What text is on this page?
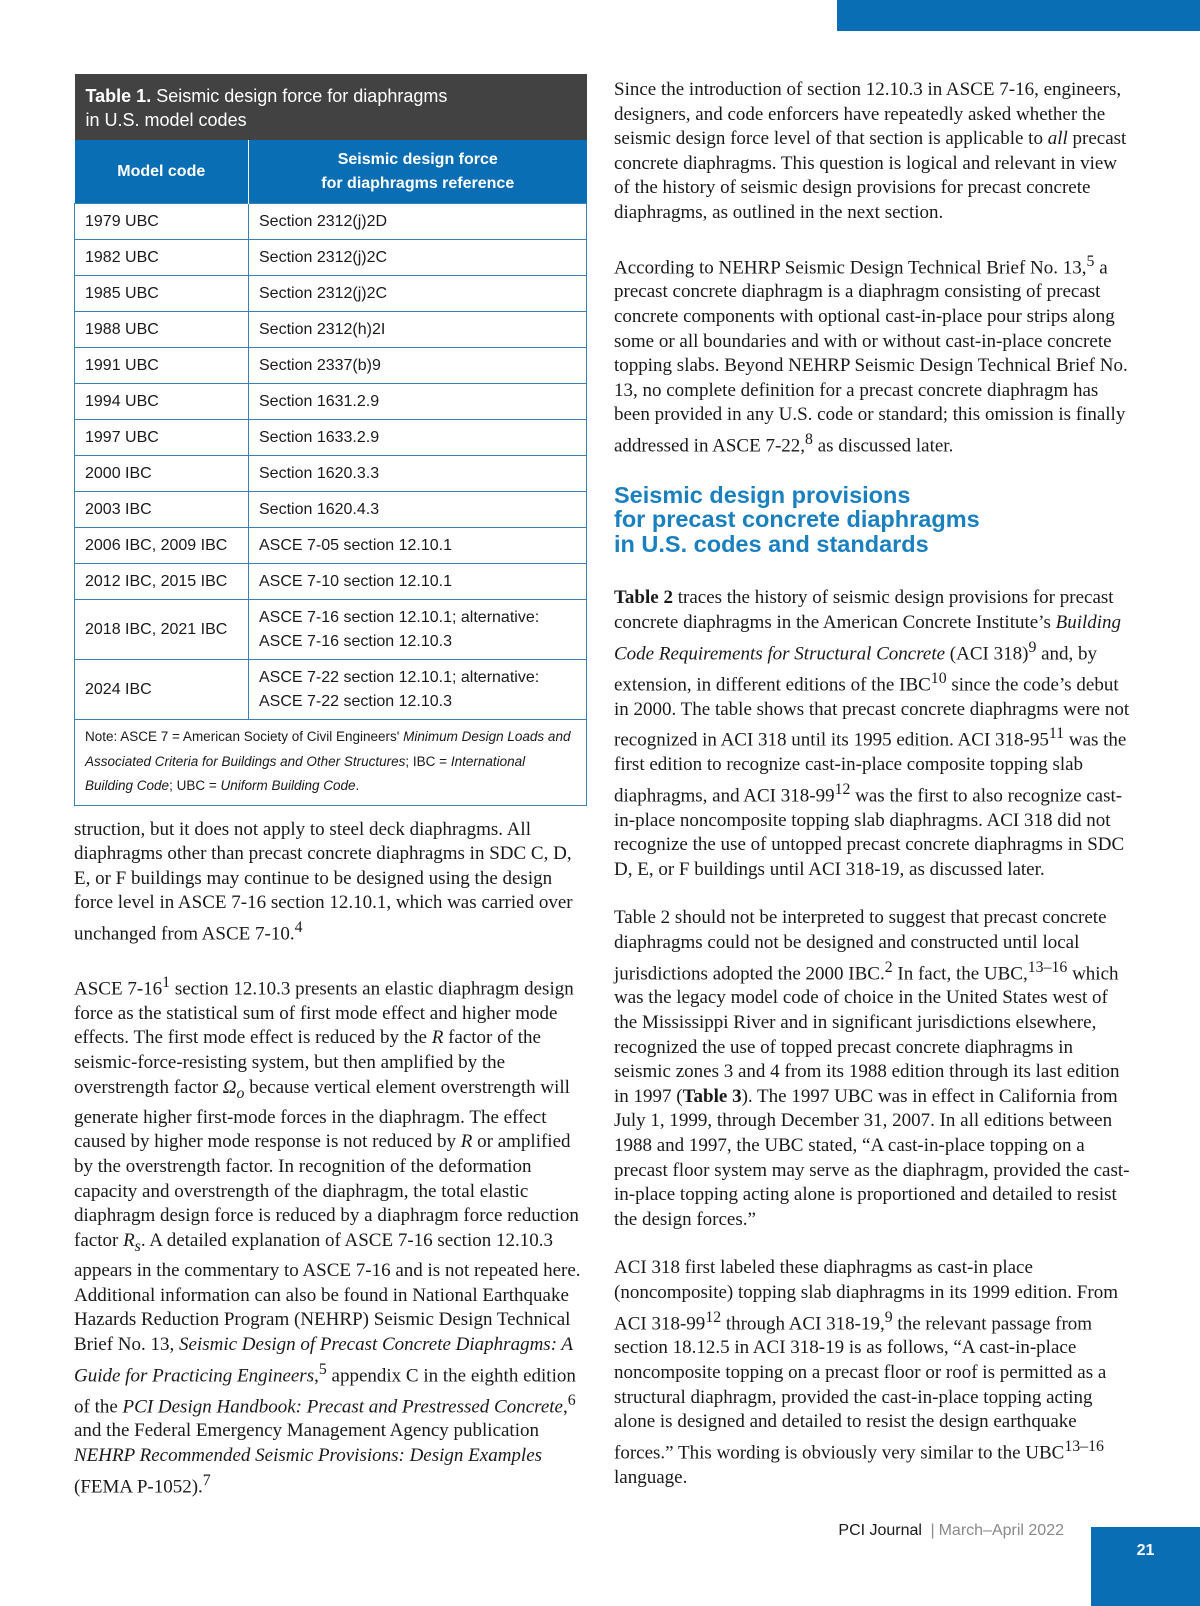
Table 1. Seismic design force for diaphragms
in U.S. model codes	
Model code	Seismic design force
for diaphragms reference
1979 UBC	Section 2312(j)2D
1982 UBC	Section 2312(j)2C
1985 UBC	Section 2312(j)2C
1988 UBC	Section 2312(h)2I
1991 UBC	Section 2337(b)9
1994 UBC	Section 1631.2.9
1997 UBC	Section 1633.2.9
2000 IBC	Section 1620.3.3
2003 IBC	Section 1620.4.3
2006 IBC, 2009 IBC	ASCE 7-05 section 12.10.1
2012 IBC, 2015 IBC	ASCE 7-10 section 12.10.1
2018 IBC, 2021 IBC	ASCE 7-16 section 12.10.1; alternative:
ASCE 7-16 section 12.10.3
2024 IBC	ASCE 7-22 section 12.10.1; alternative:
ASCE 7-22 section 12.10.3
Note: ASCE 7 = American Society of Civil Engineers' Minimum Design Loads and Associated Criteria for Buildings and Other Structures; IBC = International Building Code; UBC = Uniform Building Code.	

struction, but it does not apply to steel deck diaphragms. All diaphragms other than precast concrete diaphragms in SDC C, D, E, or F buildings may continue to be designed using the design force level in ASCE 7-16 section 12.10.1, which was carried over unchanged from ASCE 7-10.$^4$

ASCE $7-16^1$ section 12.10.3 presents an elastic diaphragm design force as the statistical sum of first mode effect and higher mode effects. The first mode effect is reduced by the R factor of the seismic-force-resisting system, but then amplified by the overstrength factor $\Omega_o$ because vertical element overstrength will generate higher first-mode forces in the diaphragm. The effect caused by higher mode response is not reduced by R or amplified by the overstrength factor. In recognition of the deformation capacity and overstrength of the diaphragm, the total elastic diaphragm design force is reduced by a diaphragm force reduction factor $R_s$. A detailed explanation of ASCE 7-16 section 12.10.3 appears in the commentary to ASCE 7-16 and is not repeated here. Additional information can also be found in National Earthquake Hazards Reduction Program (NEHRP) Seismic Design Technical Brief No. 13, Seismic Design of Precast Concrete Diaphragms: A Guide for Practicing Engineers,$^5$ appendix C in the eighth edition of the PCI Design Handbook: Precast and Prestressed Concrete,$^6$ and the Federal Emergency Management Agency publication NEHRP Recommended Seismic Provisions: Design Examples (FEMA P-1052).$^7$

Since the introduction of section 12.10.3 in ASCE 7-16, engineers, designers, and code enforcers have repeatedly asked whether the seismic design force level of that section is applicable to all precast concrete diaphragms. This question is logical and relevant in view of the history of seismic design provisions for precast concrete diaphragms, as outlined in the next section.

According to NEHRP Seismic Design Technical Brief No. 13,$^5$ a precast concrete diaphragm is a diaphragm consisting of precast concrete components with optional cast-in-place pour strips along some or all boundaries and with or without cast-in-place concrete topping slabs. Beyond NEHRP Seismic Design Technical Brief No. 13, no complete definition for a precast concrete diaphragm has been provided in any U.S. code or standard; this omission is finally addressed in ASCE 7-22,$^8$ as discussed later.

Seismic design provisions
for precast concrete diaphragms
in U.S. codes and standards

Table 2 traces the history of seismic design provisions for precast concrete diaphragms in the American Concrete Institute’s Building Code Requirements for Structural Concrete (ACI 318)$^9$ and, by extension, in different editions of the IBC$^{10}$ since the code’s debut in 2000. The table shows that precast concrete diaphragms were not recognized in ACI 318 until its 1995 edition. ACI $318-95^{11}$ was the first edition to recognize cast-in-place composite topping slab diaphragms, and ACI $318-99^{12}$ was the first to also recognize cast-in-place noncomposite topping slab diaphragms. ACI 318 did not recognize the use of untopped precast concrete diaphragms in SDC D, E, or F buildings until ACI 318-19, as discussed later.

Table 2 should not be interpreted to suggest that precast concrete diaphragms could not be designed and constructed until local jurisdictions adopted the 2000 IBC.$^2$ In fact, the UBC,$^{13-16}$ which was the legacy model code of choice in the United States west of the Mississippi River and in significant jurisdictions elsewhere, recognized the use of topped precast concrete diaphragms in seismic zones 3 and 4 from its 1988 edition through its last edition in 1997 (Table 3). The 1997 UBC was in effect in California from July 1, 1999, through December 31, 2007. In all editions between 1988 and 1997, the UBC stated, “A cast-in-place topping on a precast floor system may serve as the diaphragm, provided the cast-in-place topping acting alone is proportioned and detailed to resist the design forces.”

ACI 318 first labeled these diaphragms as cast-in place (noncomposite) topping slab diaphragms in its 1999 edition. From ACI $318-99^{12}$ through ACI 318-19,$^9$ the relevant passage from section 18.12.5 in ACI 318-19 is as follows, “A cast-in-place noncomposite topping on a precast floor or roof is permitted as a structural diaphragm, provided the cast-in-place topping acting alone is designed and detailed to resist the design earthquake forces.” This wording is obviously very similar to the UBC$^{13-16}$ language.

PCI Journal | March–April 2022
21
